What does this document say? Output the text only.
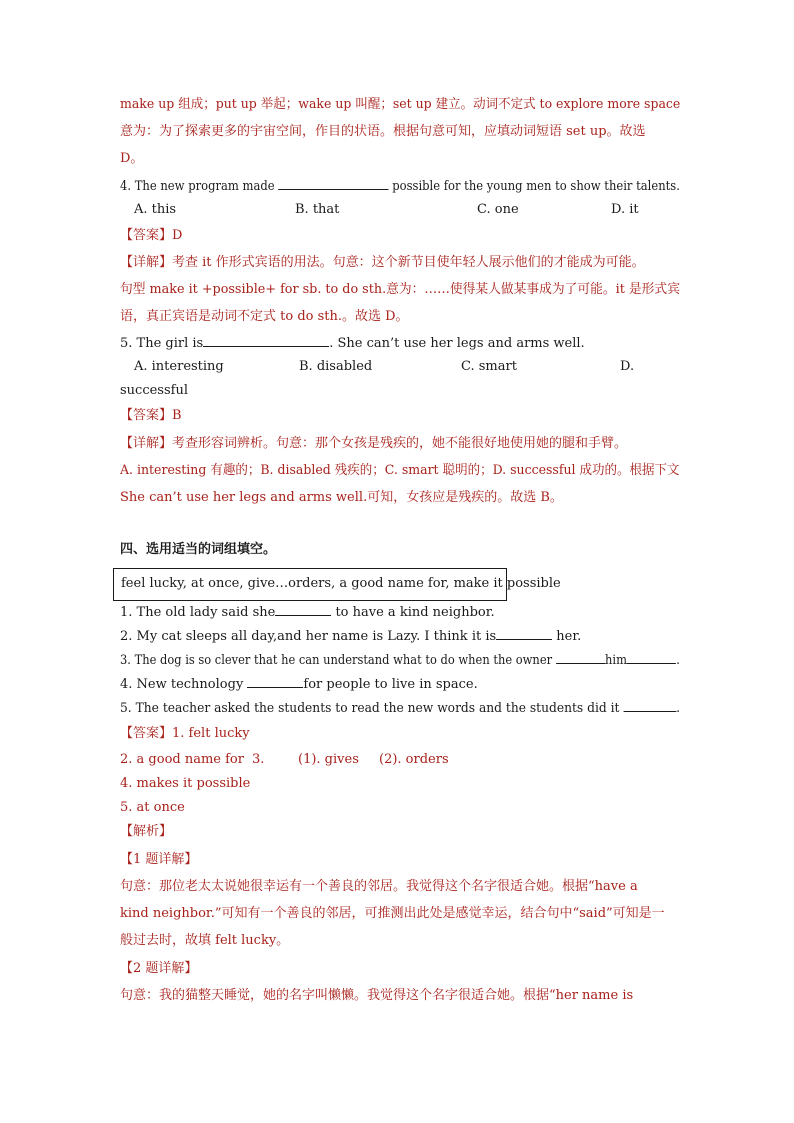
make up 组成；put up 举起；wake up 叫醒；set up 建立。动词不定式 to explore more space
意为：为了探索更多的宇宙空间，作目的状语。根据句意可知，应填动词短语 set up。故选
D。
4. The new program made	possible for the young men to show their talents.
A. this	B. that	C. one	D. it
【答案】D
【详解】考查 it 作形式宾语的用法。句意：这个新节目使年轻人展示他们的才能成为可能。
句型 make it +possible+ for sb. to do sth.意为：……使得某人做某事成为了可能。it 是形式宾
语，真正宾语是动词不定式 to do sth.。故选 D。
5. The girl is	. She can’t use her legs and arms well.
A. interesting	B. disabled	C. smart	D.
successful
【答案】B
【详解】考查形容词辨析。句意：那个女孩是残疾的，她不能很好地使用她的腿和手臂。
A. interesting 有趣的；B. disabled 残疾的；C. smart 聪明的；D. successful 成功的。根据下文
She can’t use her legs and arms well.可知，女孩应是残疾的。故选 B。
四、选用适当的词组填空。
feel lucky, at once, give…orders, a good name for, make it possible
1. The old lady said she	to have a kind neighbor.
2. My cat sleeps all day,and her name is Lazy. I think it is	her.
3. The dog is so clever that he can understand what to do when the owner	him	.
4. New technology	for people to live in space.
5. The teacher asked the students to read the new words and the students did it	.
【答案】1. felt lucky
2. a good name for 3.	(1). gives (2). orders
4. makes it possible
5. at once
【解析】
【1 题详解】
句意：那位老太太说她很幸运有一个善良的邻居。我觉得这个名字很适合她。根据“have a
kind neighbor.”可知有一个善良的邻居，可推测出此处是感觉幸运，结合句中“said”可知是一
般过去时，故填 felt lucky。
【2 题详解】
句意：我的猫整天睡觉，她的名字叫懒懒。我觉得这个名字很适合她。根据“her name is
